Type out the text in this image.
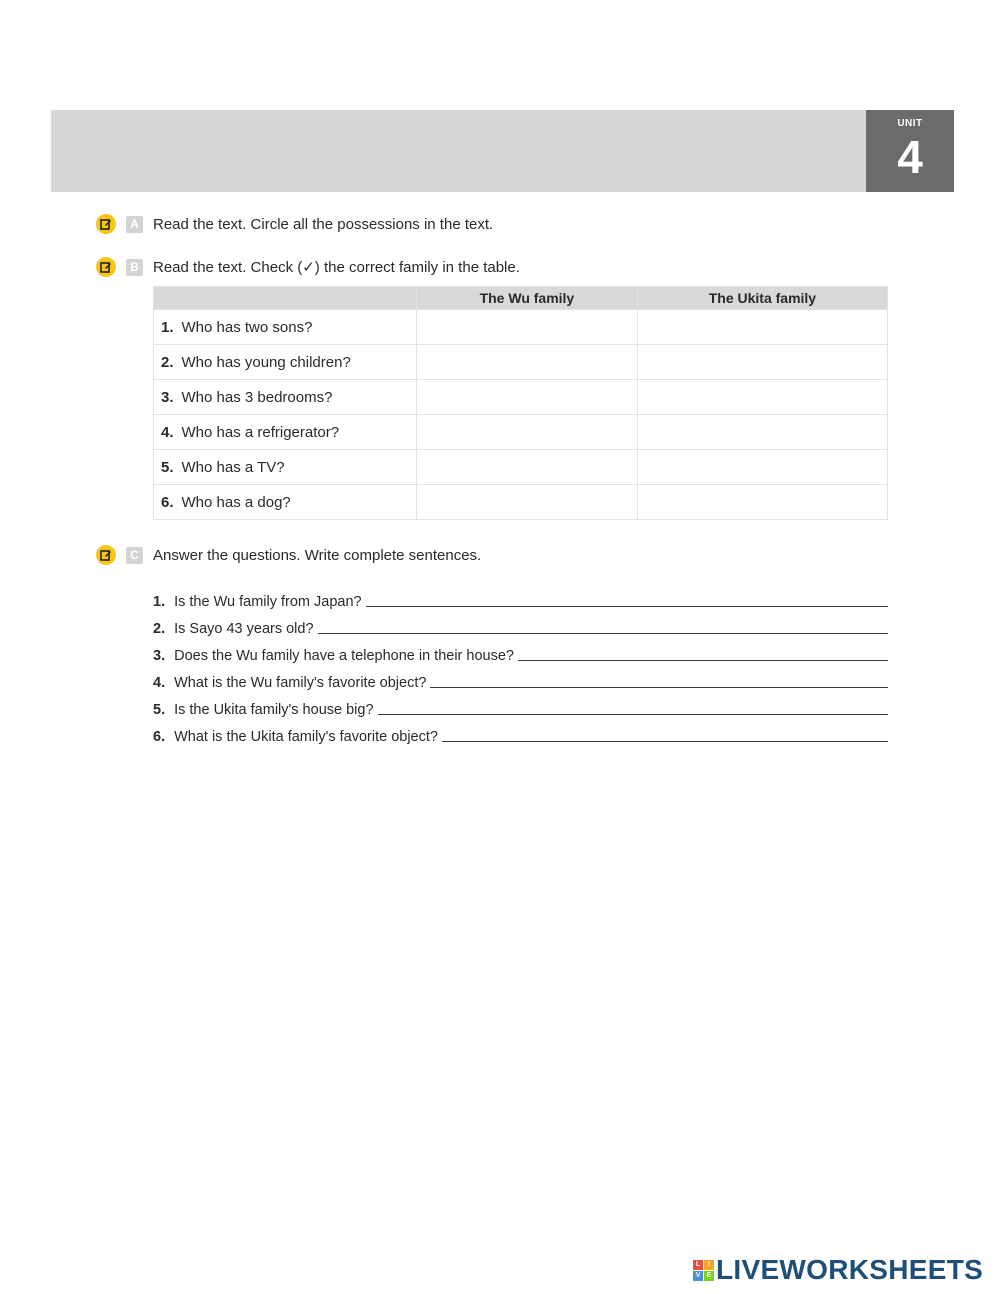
UNIT
4
A Read the text. Circle all the possessions in the text.
B Read the text. Check (✓) the correct family in the table.
	The Wu family	The Ukita family
1. Who has two sons?		
2. Who has young children?		
3. Who has 3 bedrooms?		
4. Who has a refrigerator?		
5. Who has a TV?		
6. Who has a dog?		
C Answer the questions. Write complete sentences.
1. Is the Wu family from Japan?
2. Is Sayo 43 years old?
3. Does the Wu family have a telephone in their house?
4. What is the Wu family's favorite object?
5. Is the Ukita family's house big?
6. What is the Ukita family's favorite object?
L	I
V E LIVEWORKSHEETS
